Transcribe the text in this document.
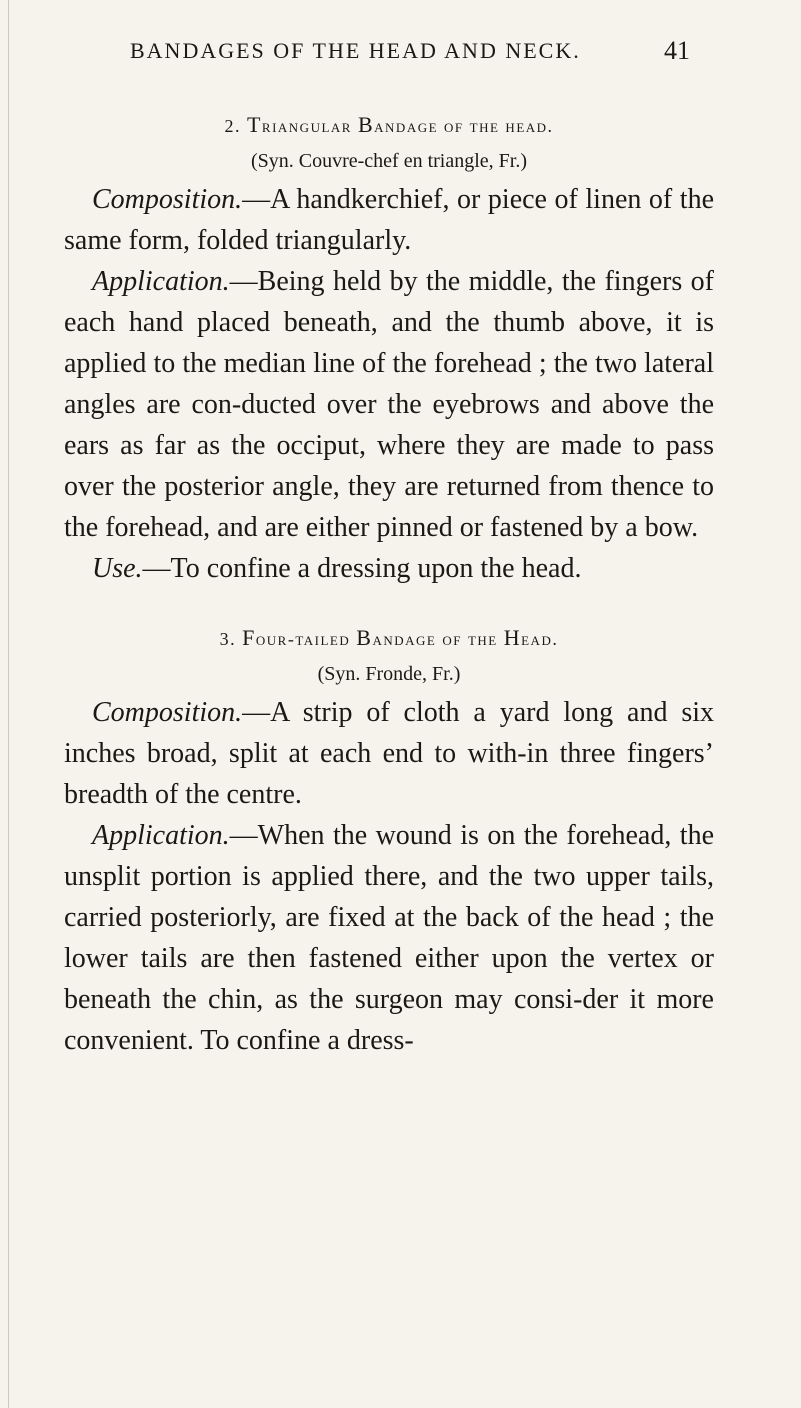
BANDAGES OF THE HEAD AND NECK.	41

2. Triangular Bandage of the head.

(Syn. Couvre-chef en triangle, Fr.)

Composition.—A handkerchief, or piece of linen of the same form, folded triangularly.

Application.—Being held by the middle, the fingers of each hand placed beneath, and the thumb above, it is applied to the median line of the forehead ; the two lateral angles are con-ducted over the eyebrows and above the ears as far as the occiput, where they are made to pass over the posterior angle, they are returned from thence to the forehead, and are either pinned or fastened by a bow.

Use.—To confine a dressing upon the head.

3. Four-tailed Bandage of the Head.

(Syn. Fronde, Fr.)

Composition.—A strip of cloth a yard long and six inches broad, split at each end to with-in three fingers’ breadth of the centre.

Application.—When the wound is on the forehead, the unsplit portion is applied there, and the two upper tails, carried posteriorly, are fixed at the back of the head ; the lower tails are then fastened either upon the vertex or beneath the chin, as the surgeon may consi-der it more convenient. To confine a dress-
